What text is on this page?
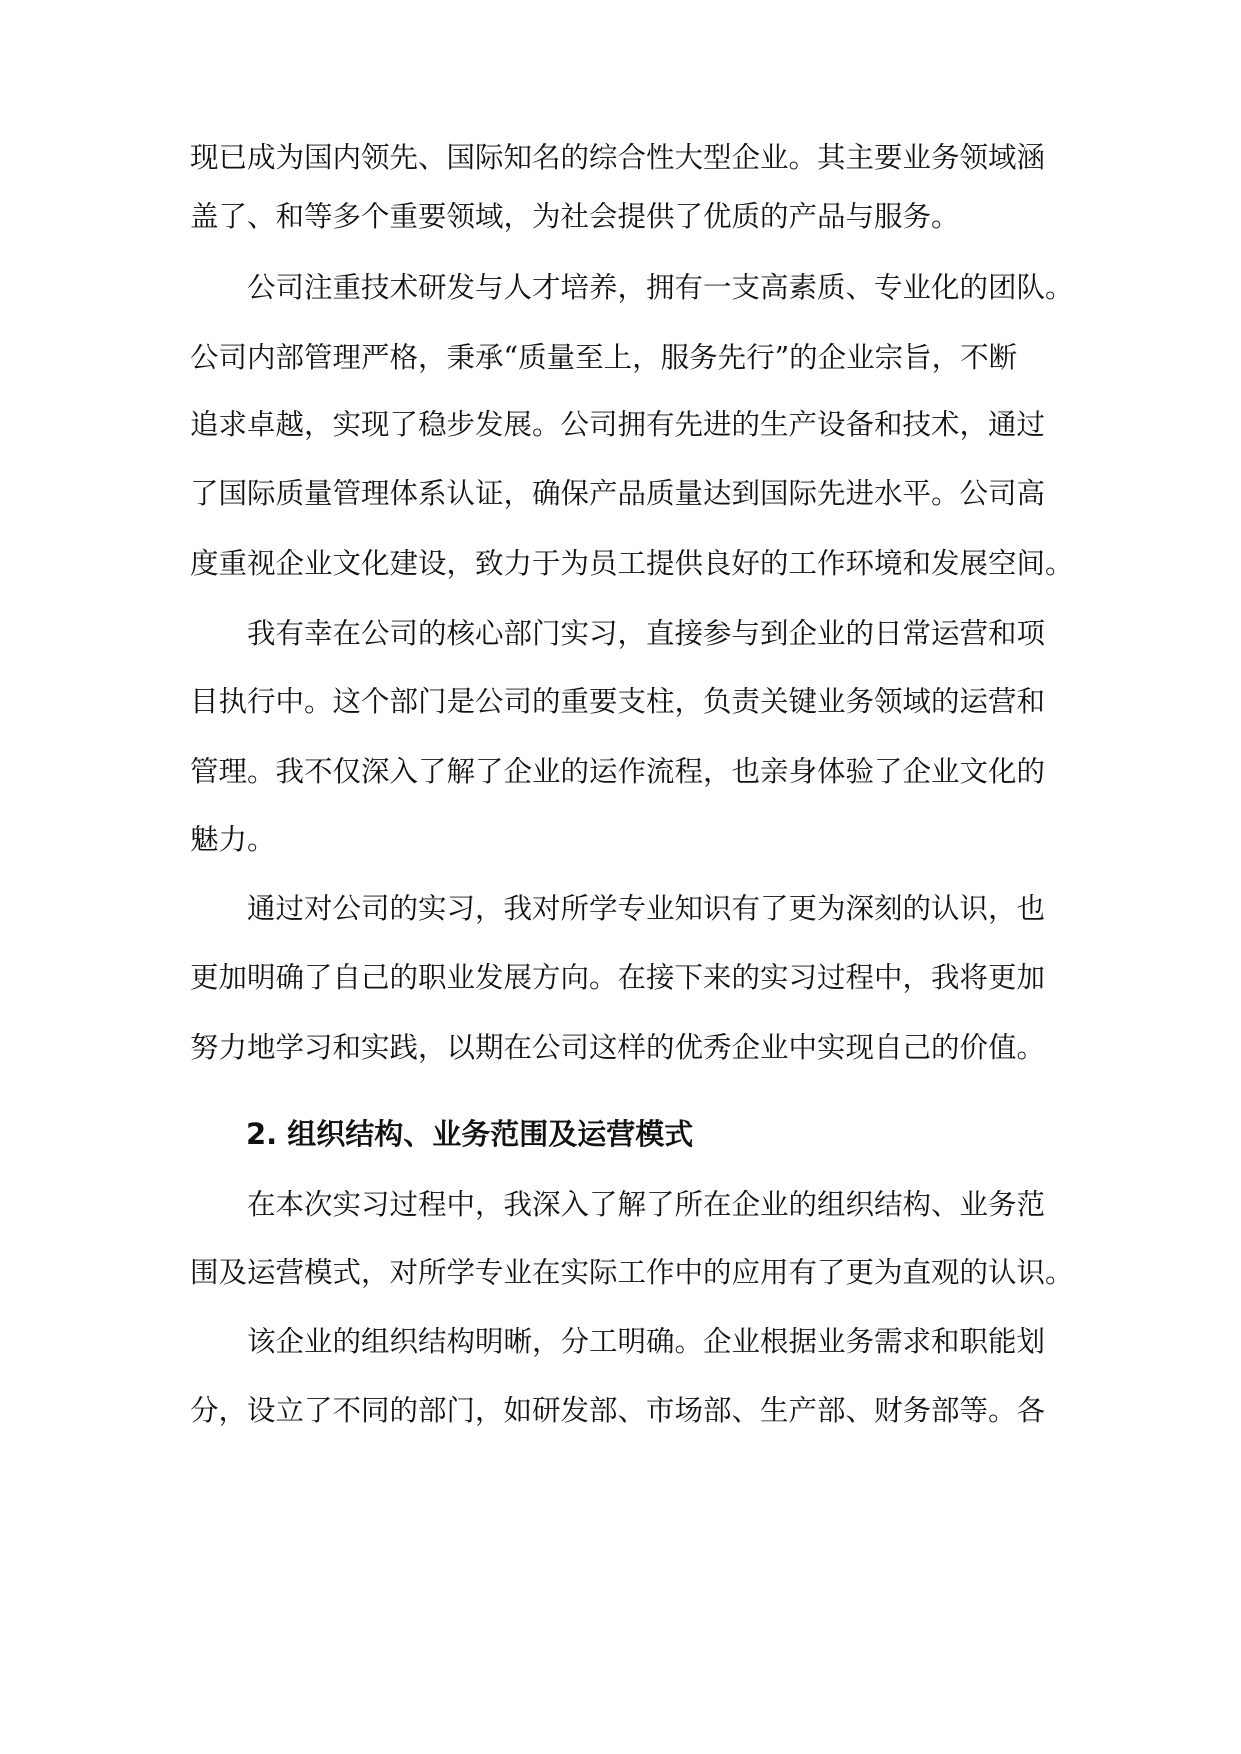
现已成为国内领先、国际知名的综合性大型企业。其主要业务领域涵

盖了、和等多个重要领域，为社会提供了优质的产品与服务。

　　公司注重技术研发与人才培养，拥有一支高素质、专业化的团队。

公司内部管理严格，秉承“质量至上，服务先行”的企业宗旨，不断

追求卓越，实现了稳步发展。公司拥有先进的生产设备和技术，通过

了国际质量管理体系认证，确保产品质量达到国际先进水平。公司高

度重视企业文化建设，致力于为员工提供良好的工作环境和发展空间。

　　我有幸在公司的核心部门实习，直接参与到企业的日常运营和项

目执行中。这个部门是公司的重要支柱，负责关键业务领域的运营和

管理。我不仅深入了解了企业的运作流程，也亲身体验了企业文化的

魅力。

　　通过对公司的实习，我对所学专业知识有了更为深刻的认识，也

更加明确了自己的职业发展方向。在接下来的实习过程中，我将更加

努力地学习和实践，以期在公司这样的优秀企业中实现自己的价值。

2. 组织结构、业务范围及运营模式

　　在本次实习过程中，我深入了解了所在企业的组织结构、业务范

围及运营模式，对所学专业在实际工作中的应用有了更为直观的认识。

　　该企业的组织结构明晰，分工明确。企业根据业务需求和职能划

分，设立了不同的部门，如研发部、市场部、生产部、财务部等。各
